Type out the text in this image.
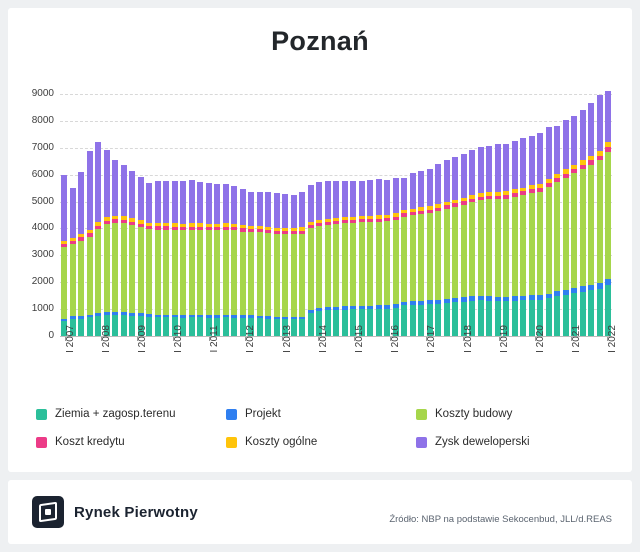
Poznań
0
1000
2000
3000
4000
5000
6000
7000
8000
9000
I 2007	I 2008	I 2009	I 2010	I 2011	I 2012	I 2013	I 2014	I 2015	I 2016	I 2017	I 2018	I 2019	I 2020	I 2021	I 2022
Ziemia + zagosp.terenu	Projekt	Koszty budowy
Koszt kredytu	Koszty ogólne	Zysk deweloperski
Rynek Pierwotny	Źródło: NBP na podstawie Sekocenbud, JLL/d.REAS
